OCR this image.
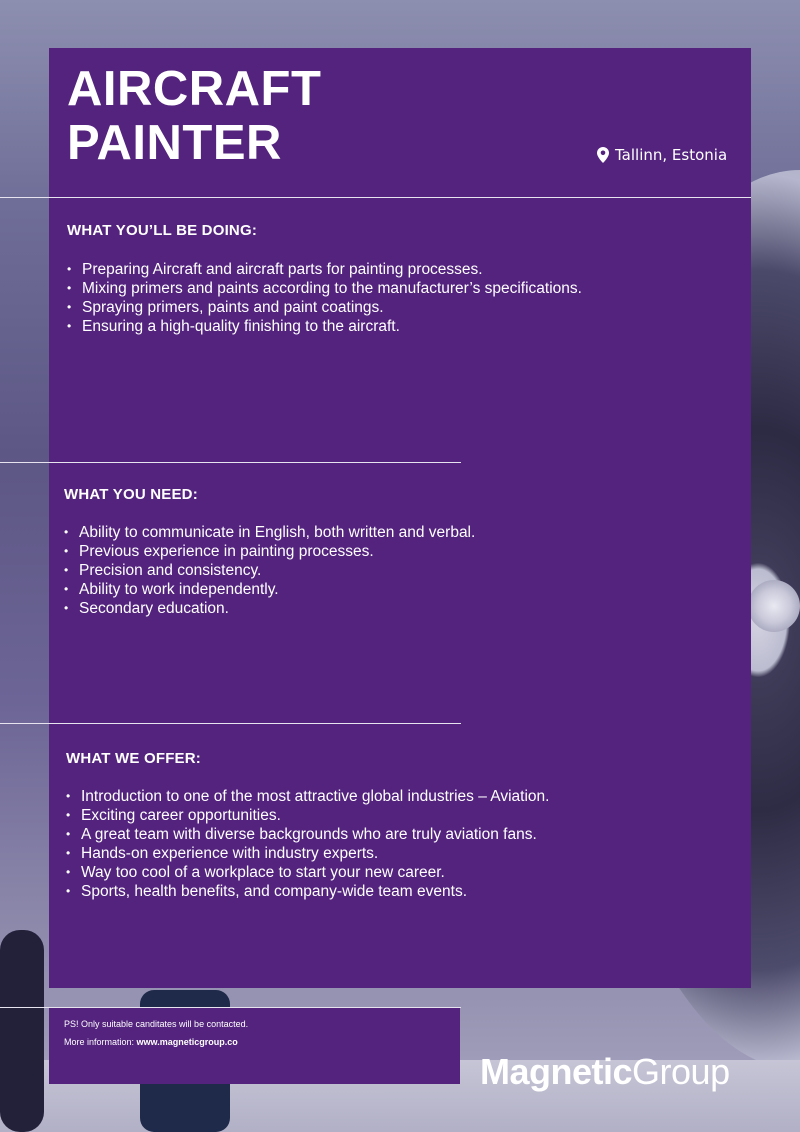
AIRCRAFT
PAINTER	Tallinn, Estonia
WHAT YOU’LL BE DOING:
• Preparing Aircraft and aircraft parts for painting processes.
• Mixing primers and paints according to the manufacturer’s specifications.
• Spraying primers, paints and paint coatings.
• Ensuring a high-quality finishing to the aircraft.
WHAT YOU NEED:
• Ability to communicate in English, both written and verbal.
• Previous experience in painting processes.
• Precision and consistency.
• Ability to work independently.
• Secondary education.
WHAT WE OFFER:
• Introduction to one of the most attractive global industries – Aviation.
• Exciting career opportunities.
• A great team with diverse backgrounds who are truly aviation fans.
• Hands-on experience with industry experts.
• Way too cool of a workplace to start your new career.
• Sports, health benefits, and company-wide team events.
PS! Only suitable canditates will be contacted.
More information: www.magneticgroup.co
MagneticGroup
